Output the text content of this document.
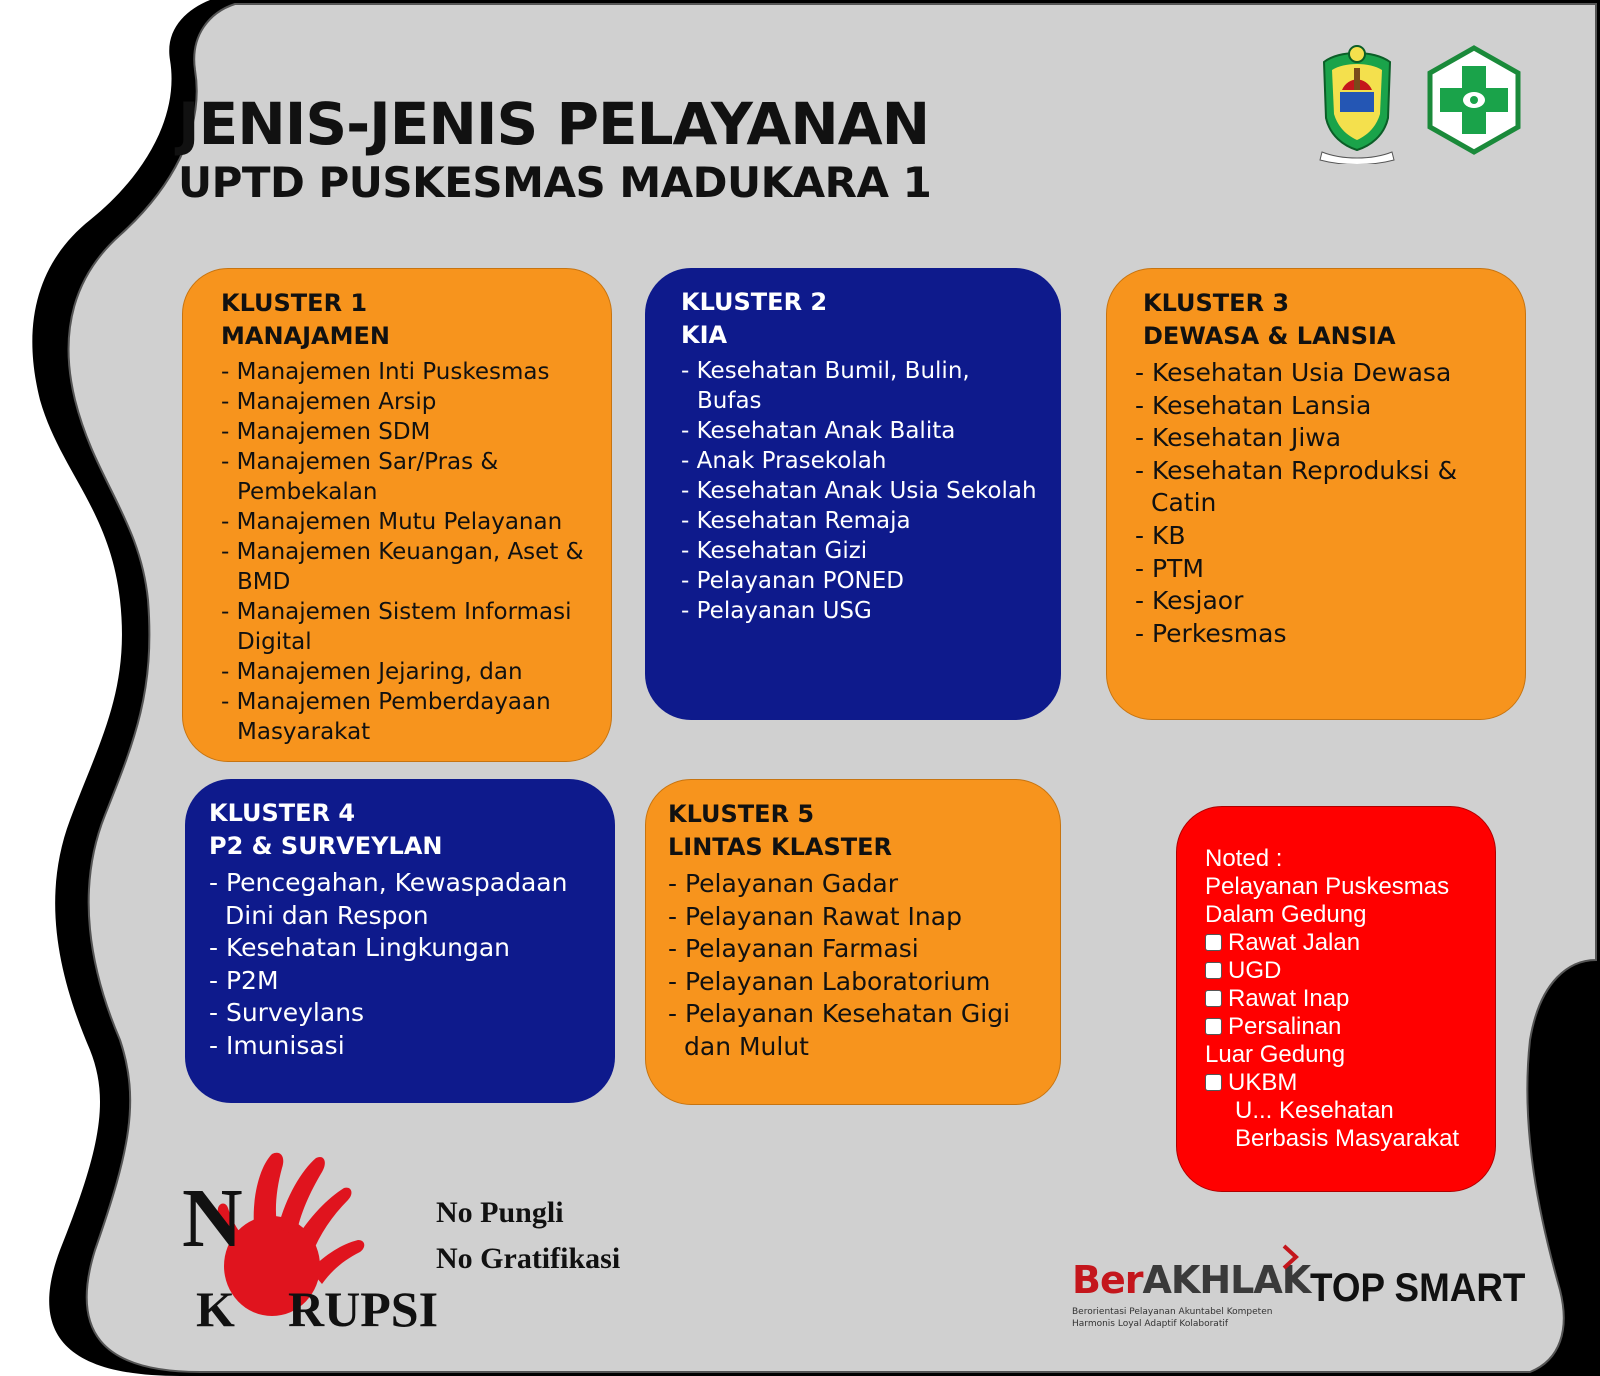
JENIS-JENIS PELAYANAN
UPTD PUSKESMAS MADUKARA 1
KLUSTER 1
MANAJAMEN
- Manajemen Inti Puskesmas
- Manajemen Arsip
- Manajemen SDM
- Manajemen Sar/Pras & Pembekalan
- Manajemen Mutu Pelayanan
- Manajemen Keuangan, Aset & BMD
- Manajemen Sistem Informasi Digital
- Manajemen Jejaring, dan
- Manajemen Pemberdayaan Masyarakat
KLUSTER 2
KIA
- Kesehatan Bumil, Bulin, Bufas
- Kesehatan Anak Balita
- Anak Prasekolah
- Kesehatan Anak Usia Sekolah
- Kesehatan Remaja
- Kesehatan Gizi
- Pelayanan PONED
- Pelayanan USG
KLUSTER 3
DEWASA & LANSIA
- Kesehatan Usia Dewasa
- Kesehatan Lansia
- Kesehatan Jiwa
- Kesehatan Reproduksi & Catin
- KB
- PTM
- Kesjaor
- Perkesmas
KLUSTER 4
P2 & SURVEYLAN
- Pencegahan, Kewaspadaan Dini dan Respon
- Kesehatan Lingkungan
- P2M
- Surveylans
- Imunisasi
KLUSTER 5
LINTAS KLASTER
- Pelayanan Gadar
- Pelayanan Rawat Inap
- Pelayanan Farmasi
- Pelayanan Laboratorium
- Pelayanan Kesehatan Gigi dan Mulut
Noted :
Pelayanan Puskesmas
Dalam Gedung
Rawat Jalan
UGD
Rawat Inap
Persalinan
Luar Gedung
UKBM
U... Kesehatan
Berbasis Masyarakat
N
K RUPSI
No Pungli
No Gratifikasi	BerAKHLAK
Berorientasi Pelayanan Akuntabel Kompeten
Harmonis Loyal Adaptif Kolaboratif
TOP SMART
